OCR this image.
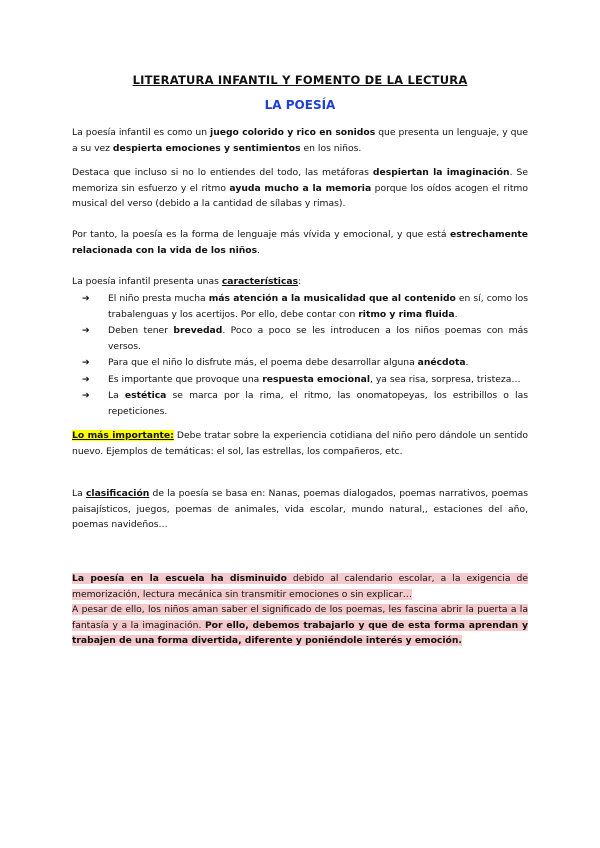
LITERATURA INFANTIL Y FOMENTO DE LA LECTURA
LA POESÍA
La poesía infantil es como un juego colorido y rico en sonidos que presenta un lenguaje, y que a su vez despierta emociones y sentimientos en los niños.
Destaca que incluso si no lo entiendes del todo, las metáforas despiertan la imaginación. Se memoriza sin esfuerzo y el ritmo ayuda mucho a la memoria porque los oídos acogen el ritmo musical del verso (debido a la cantidad de sílabas y rimas).
Por tanto, la poesía es la forma de lenguaje más vívida y emocional, y que está estrechamente relacionada con la vida de los niños.
La poesía infantil presenta unas características:
➔ El niño presta mucha más atención a la musicalidad que al contenido en sí, como los trabalenguas y los acertijos. Por ello, debe contar con ritmo y rima fluida.
➔ Deben tener brevedad. Poco a poco se les introducen a los niños poemas con más versos.
➔ Para que el niño lo disfrute más, el poema debe desarrollar alguna anécdota.
➔ Es importante que provoque una respuesta emocional, ya sea risa, sorpresa, tristeza…
➔ La estética se marca por la rima, el ritmo, las onomatopeyas, los estribillos o las repeticiones.
Lo más importante: Debe tratar sobre la experiencia cotidiana del niño pero dándole un sentido nuevo. Ejemplos de temáticas: el sol, las estrellas, los compañeros, etc.
La clasificación de la poesía se basa en: Nanas, poemas dialogados, poemas narrativos, poemas paisajísticos, juegos, poemas de animales, vida escolar, mundo natural,, estaciones del año, poemas navideños…
La poesía en la escuela ha disminuido debido al calendario escolar, a la exigencia de memorización, lectura mecánica sin transmitir emociones o sin explicar…
A pesar de ello, los niños aman saber el significado de los poemas, les fascina abrir la puerta a la fantasía y a la imaginación. Por ello, debemos trabajarlo y que de esta forma aprendan y trabajen de una forma divertida, diferente y poniéndole interés y emoción.
